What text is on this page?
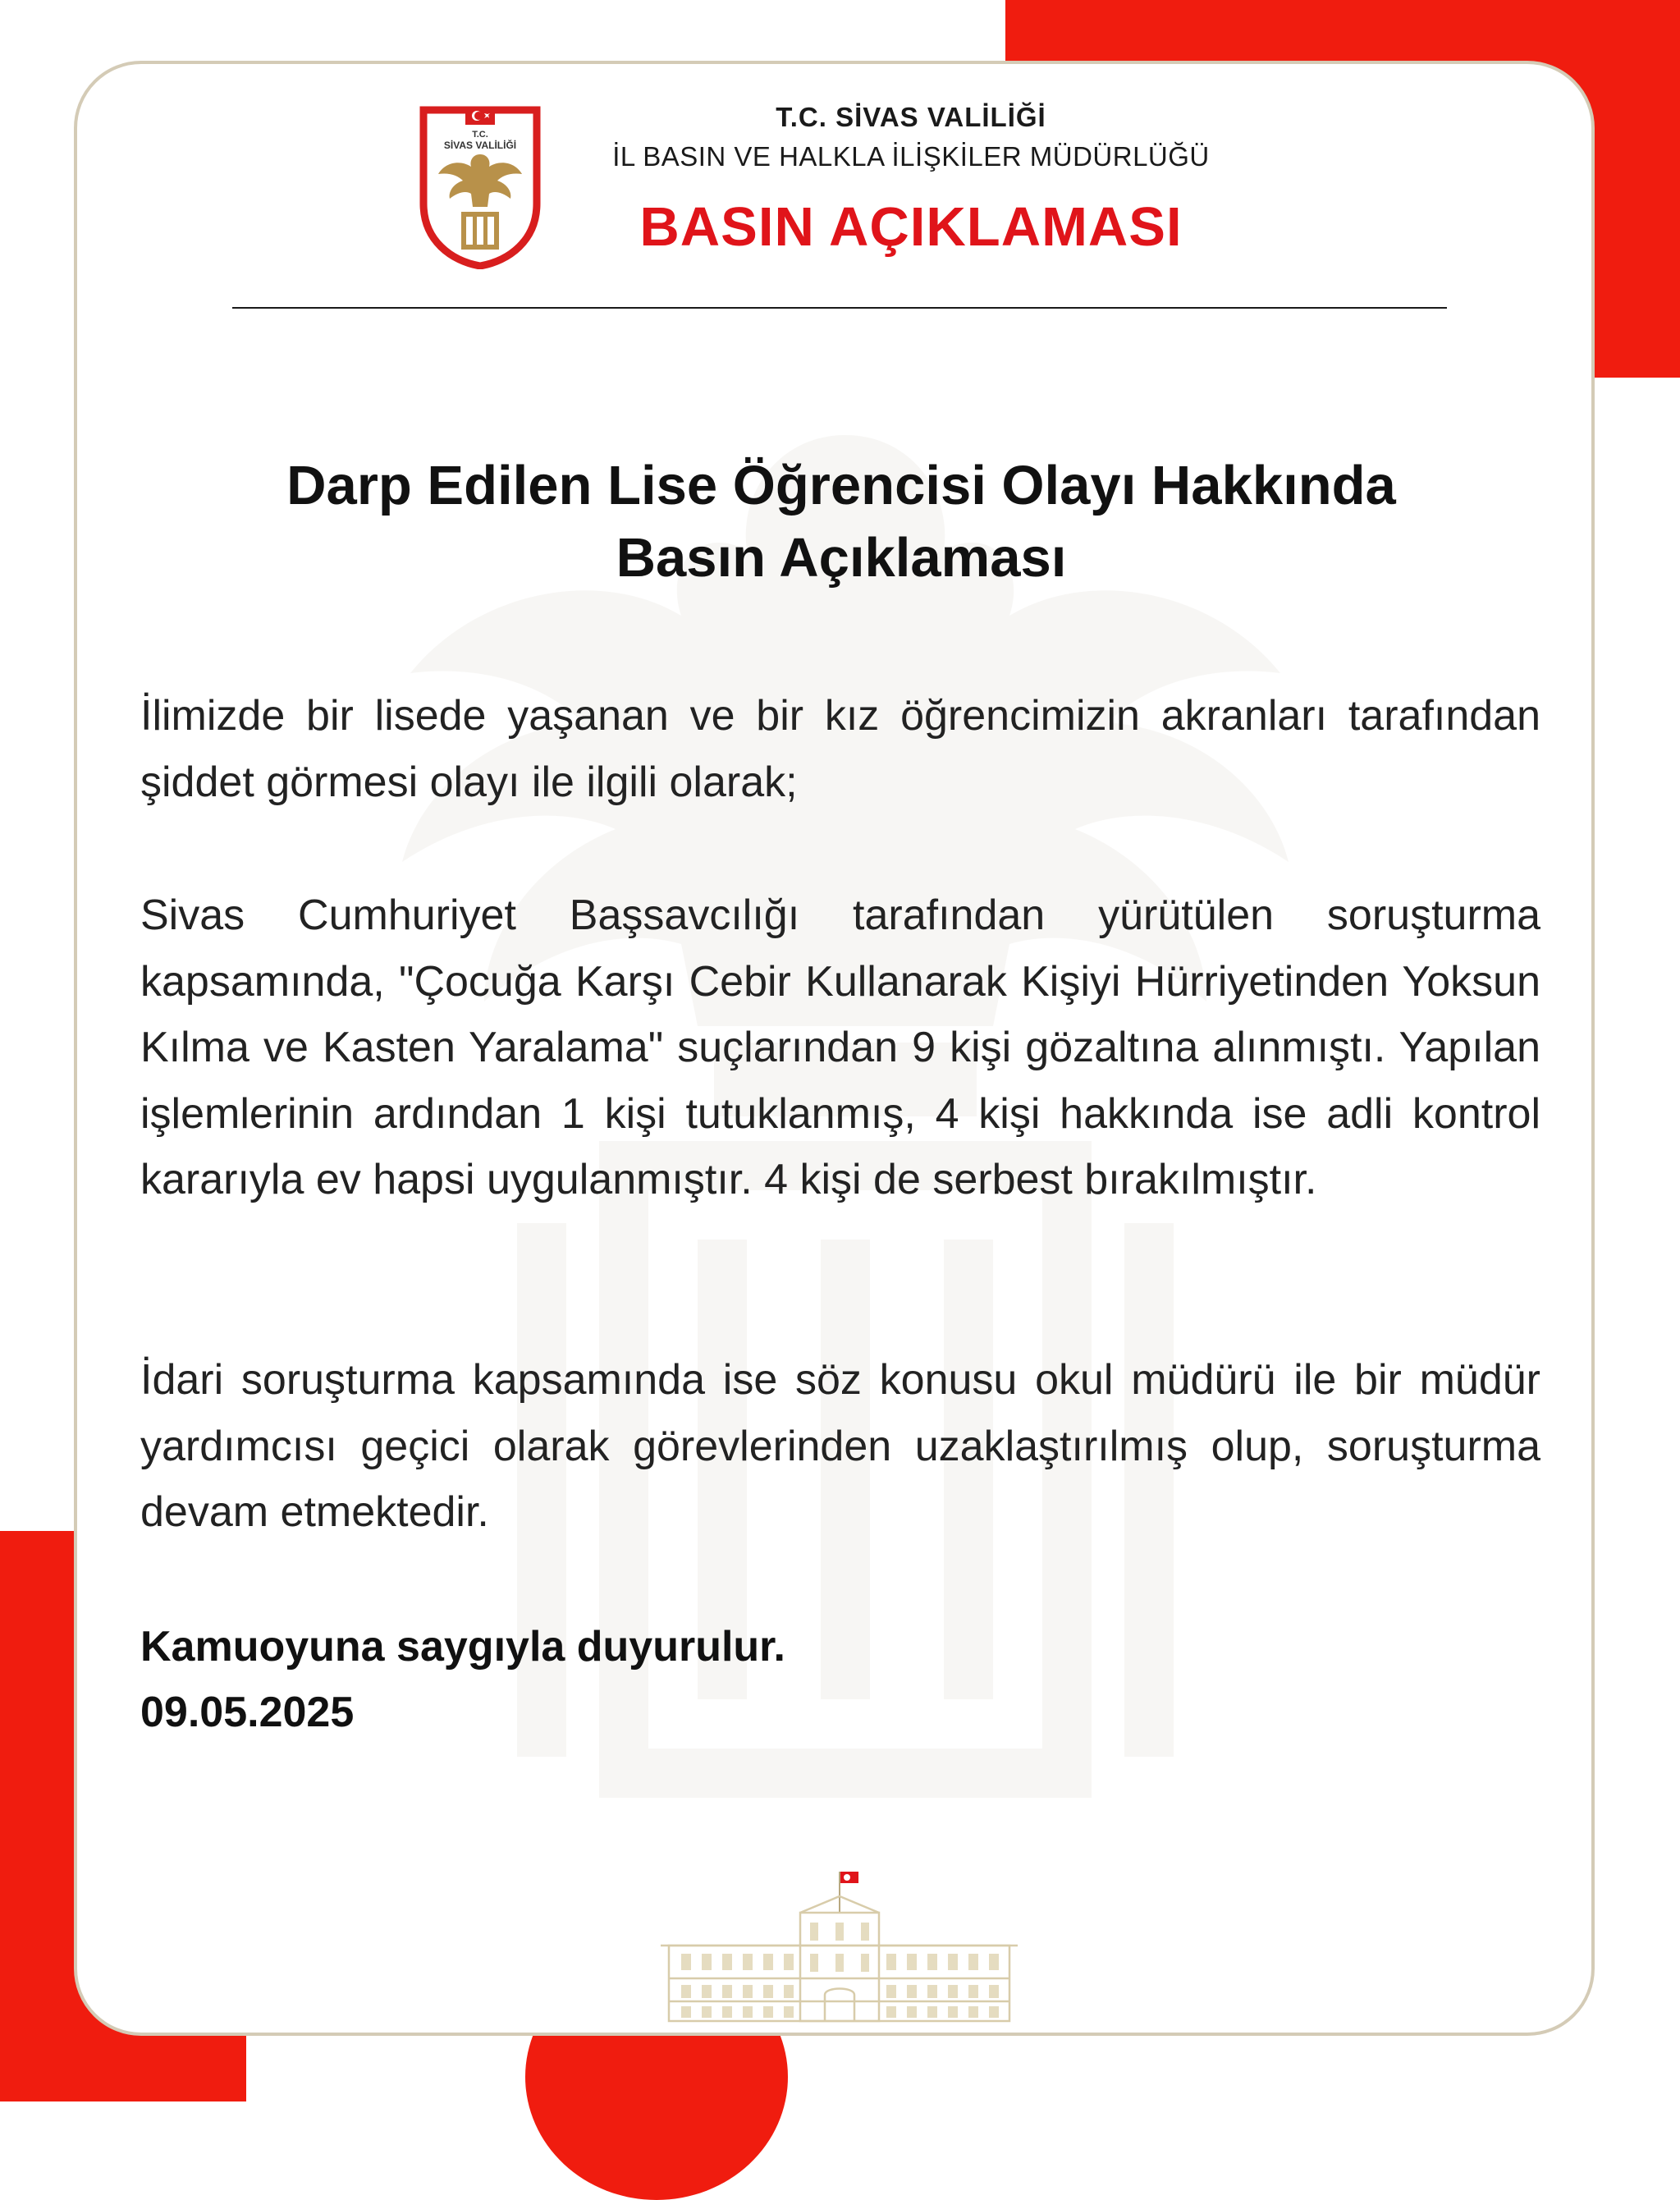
T.C.
SİVAS VALİLİĞİ
T.C. SİVAS VALİLİĞİ
İL BASIN VE HALKLA İLİŞKİLER MÜDÜRLÜĞÜ
BASIN AÇIKLAMASI
Darp Edilen Lise Öğrencisi Olayı Hakkında
Basın Açıklaması
İlimizde bir lisede yaşanan ve bir kız öğrencimizin akranları tarafından şiddet görmesi olayı ile ilgili olarak;
Sivas Cumhuriyet Başsavcılığı tarafından yürütülen soruşturma kapsamında, "Çocuğa Karşı Cebir Kullanarak Kişiyi Hürriyetinden Yoksun Kılma ve Kasten Yaralama" suçlarından 9 kişi gözaltına alınmıştı. Yapılan işlemlerinin ardından 1 kişi tutuklanmış, 4 kişi hakkında ise adli kontrol kararıyla ev hapsi uygulanmıştır. 4 kişi de serbest bırakılmıştır.
İdari soruşturma kapsamında ise söz konusu okul müdürü ile bir müdür yardımcısı geçici olarak görevlerinden uzaklaştırılmış olup, soruşturma devam etmektedir.
Kamuoyuna saygıyla duyurulur.
09.05.2025
